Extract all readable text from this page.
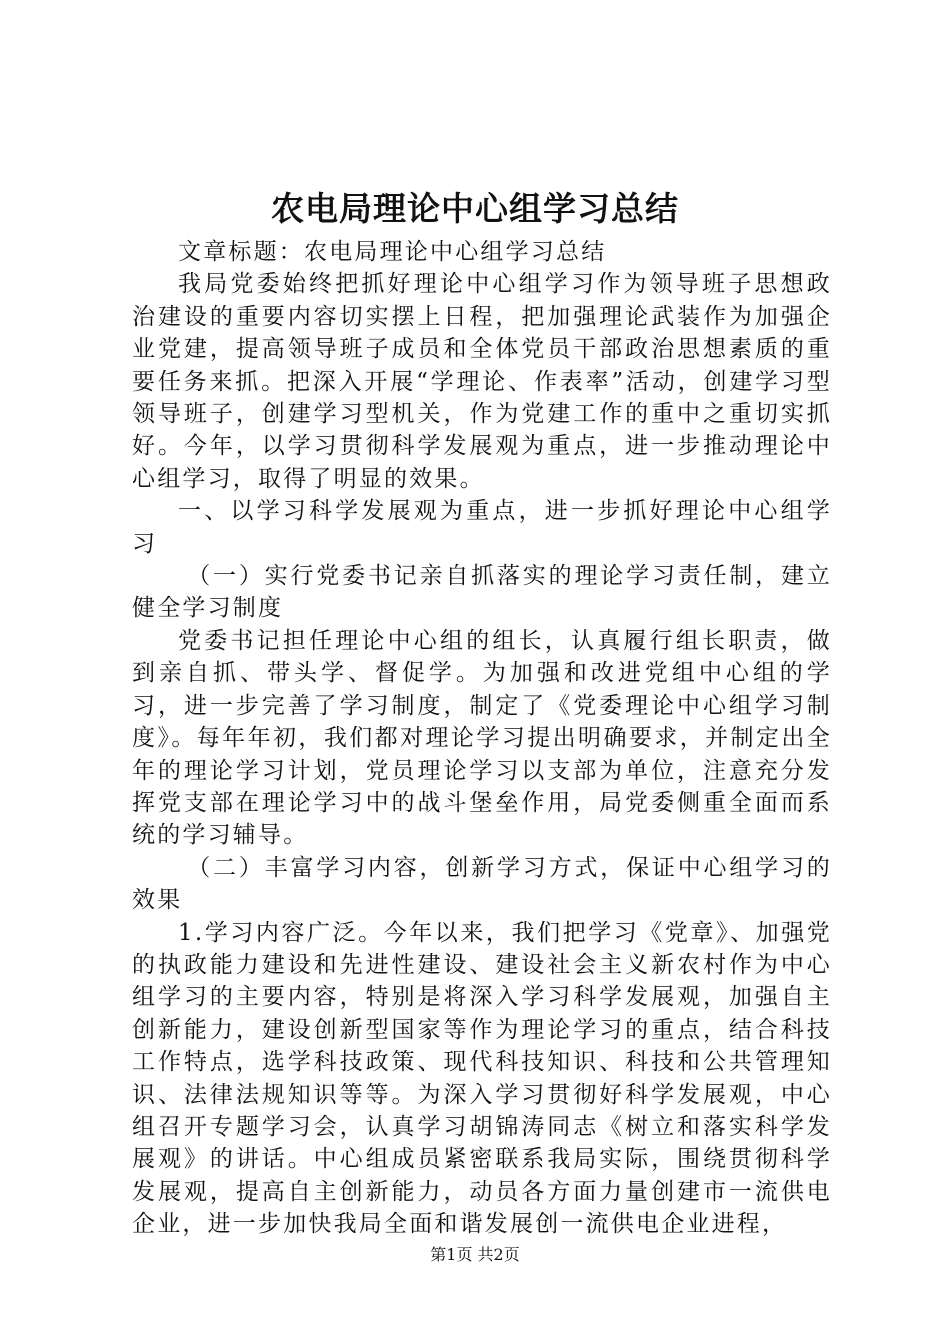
农电局理论中心组学习总结

文章标题：农电局理论中心组学习总结

我局党委始终把抓好理论中心组学习作为领导班子思想政治建设的重要内容切实摆上日程，把加强理论武装作为加强企业党建，提高领导班子成员和全体党员干部政治思想素质的重要任务来抓。把深入开展“学理论、作表率”活动，创建学习型领导班子，创建学习型机关，作为党建工作的重中之重切实抓好。今年，以学习贯彻科学发展观为重点，进一步推动理论中心组学习，取得了明显的效果。

一、以学习科学发展观为重点，进一步抓好理论中心组学习

（一）实行党委书记亲自抓落实的理论学习责任制，建立健全学习制度

党委书记担任理论中心组的组长，认真履行组长职责，做到亲自抓、带头学、督促学。为加强和改进党组中心组的学习，进一步完善了学习制度，制定了《党委理论中心组学习制度》。每年年初，我们都对理论学习提出明确要求，并制定出全年的理论学习计划，党员理论学习以支部为单位，注意充分发挥党支部在理论学习中的战斗堡垒作用，局党委侧重全面而系统的学习辅导。

（二）丰富学习内容，创新学习方式，保证中心组学习的效果

1.学习内容广泛。今年以来，我们把学习《党章》、加强党的执政能力建设和先进性建设、建设社会主义新农村作为中心组学习的主要内容，特别是将深入学习科学发展观，加强自主创新能力，建设创新型国家等作为理论学习的重点，结合科技工作特点，选学科技政策、现代科技知识、科技和公共管理知识、法律法规知识等等。为深入学习贯彻好科学发展观，中心组召开专题学习会，认真学习胡锦涛同志《树立和落实科学发展观》的讲话。中心组成员紧密联系我局实际，围绕贯彻科学发展观，提高自主创新能力，动员各方面力量创建市一流供电企业，进一步加快我局全面和谐发展创一流供电企业进程，

第1页 共2页
